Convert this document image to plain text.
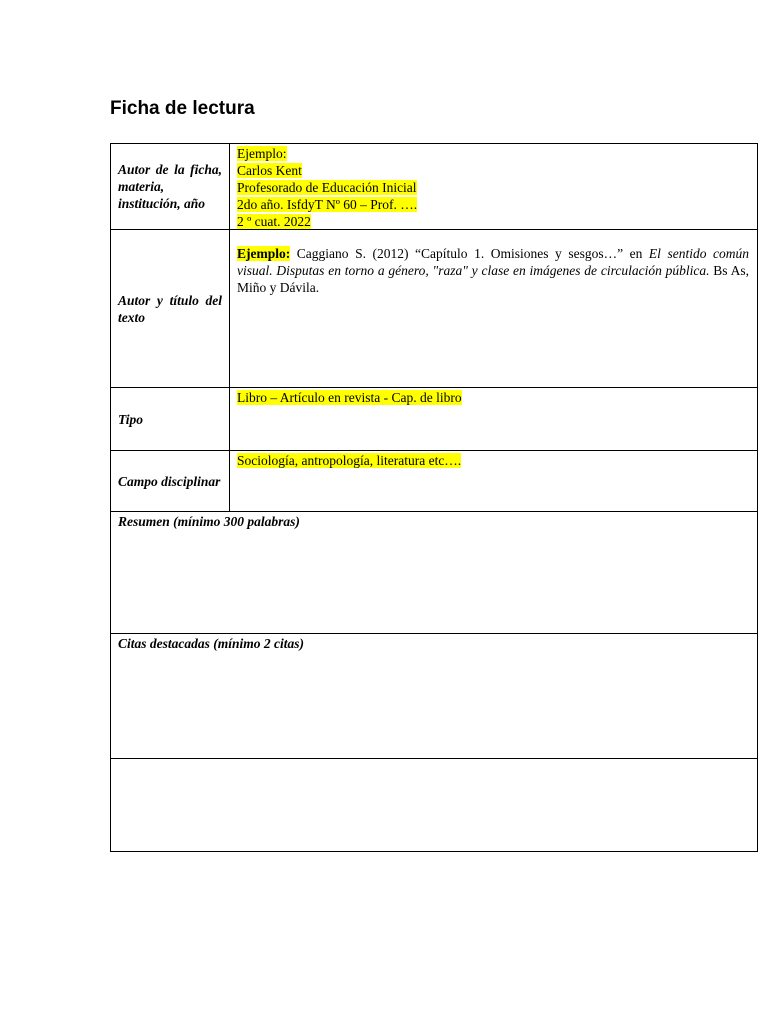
Ficha de lectura
Autor de la ficha, materia, institución, año
Ejemplo:
Carlos Kent
Profesorado de Educación Inicial
2do año. IsfdyT Nº 60 – Prof. ….
2 º cuat. 2022
Autor y título del texto
Ejemplo: Caggiano S. (2012) “Capítulo 1. Omisiones y sesgos…” en El sentido común visual. Disputas en torno a género, "raza" y clase en imágenes de circulación pública. Bs As, Miño y Dávila.
Tipo
Libro – Artículo en revista - Cap. de libro
Campo disciplinar
Sociología, antropología, literatura etc….
Resumen (mínimo 300 palabras)
Citas destacadas (mínimo 2 citas)
